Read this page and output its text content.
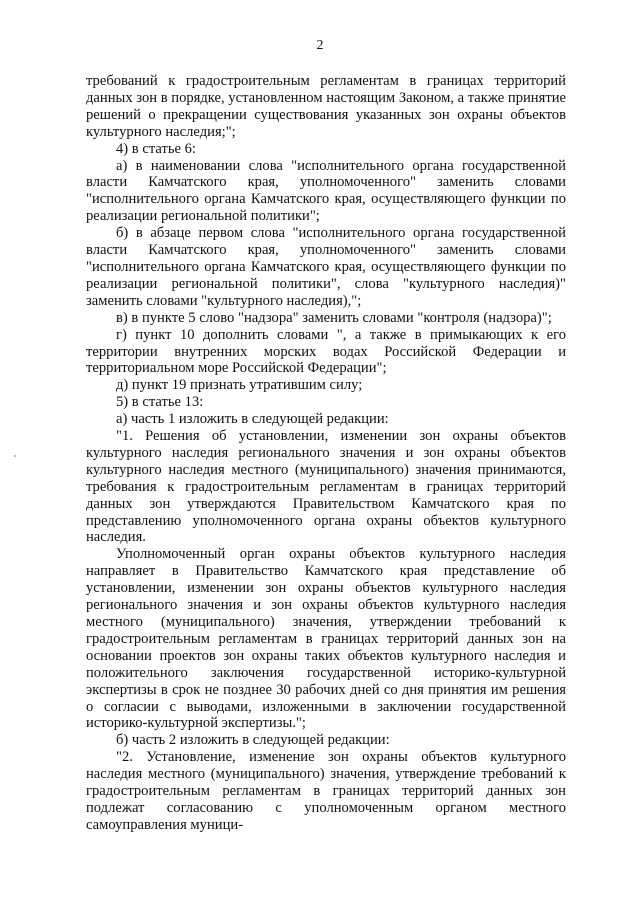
2

требований к градостроительным регламентам в границах территорий данных зон в порядке, установленном настоящим Законом, а также принятие решений о прекращении существования указанных зон охраны объектов культурного наследия;";

4) в статье 6:

а) в наименовании слова "исполнительного органа государственной власти Камчатского края, уполномоченного" заменить словами "исполнительного органа Камчатского края, осуществляющего функции по реализации региональной политики";

б) в абзаце первом слова "исполнительного органа государственной власти Камчатского края, уполномоченного" заменить словами "исполнительного органа Камчатского края, осуществляющего функции по реализации региональной политики", слова "культурного наследия)" заменить словами "культурного наследия),";

в) в пункте 5 слово "надзора" заменить словами "контроля (надзора)";

г) пункт 10 дополнить словами ", а также в примыкающих к его территории внутренних морских водах Российской Федерации и территориальном море Российской Федерации";

д) пункт 19 признать утратившим силу;

5) в статье 13:

а) часть 1 изложить в следующей редакции:

"1. Решения об установлении, изменении зон охраны объектов культурного наследия регионального значения и зон охраны объектов культурного наследия местного (муниципального) значения принимаются, требования к градостроительным регламентам в границах территорий данных зон утверждаются Правительством Камчатского края по представлению уполномоченного органа охраны объектов культурного наследия.

Уполномоченный орган охраны объектов культурного наследия направляет в Правительство Камчатского края представление об установлении, изменении зон охраны объектов культурного наследия регионального значения и зон охраны объектов культурного наследия местного (муниципального) значения, утверждении требований к градостроительным регламентам в границах территорий данных зон на основании проектов зон охраны таких объектов культурного наследия и положительного заключения государственной историко-культурной экспертизы в срок не позднее 30 рабочих дней со дня принятия им решения о согласии с выводами, изложенными в заключении государственной историко-культурной экспертизы.";

б) часть 2 изложить в следующей редакции:

"2. Установление, изменение зон охраны объектов культурного наследия местного (муниципального) значения, утверждение требований к градостроительным регламентам в границах территорий данных зон подлежат согласованию с уполномоченным органом местного самоуправления муници-
